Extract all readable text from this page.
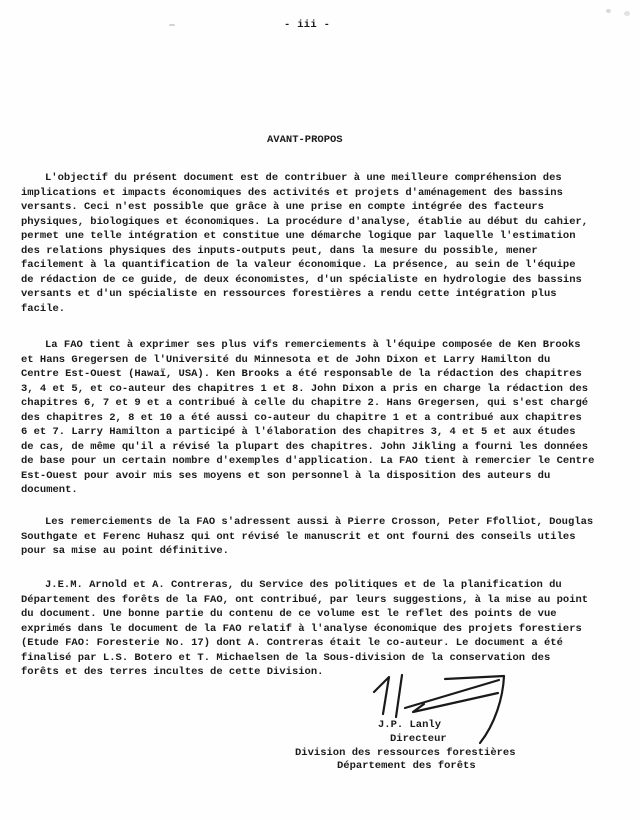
- iii -
AVANT-PROPOS
L'objectif du présent document est de contribuer à une meilleure compréhension des
implications et impacts économiques des activités et projets d'aménagement des bassins
versants. Ceci n'est possible que grâce à une prise en compte intégrée des facteurs
physiques, biologiques et économiques. La procédure d'analyse, établie au début du cahier,
permet une telle intégration et constitue une démarche logique par laquelle l'estimation
des relations physiques des inputs-outputs peut, dans la mesure du possible, mener
facilement à la quantification de la valeur économique. La présence, au sein de l'équipe
de rédaction de ce guide, de deux économistes, d'un spécialiste en hydrologie des bassins
versants et d'un spécialiste en ressources forestières a rendu cette intégration plus
facile.
La FAO tient à exprimer ses plus vifs remerciements à l'équipe composée de Ken Brooks
et Hans Gregersen de l'Université du Minnesota et de John Dixon et Larry Hamilton du
Centre Est-Ouest (Hawaï, USA). Ken Brooks a été responsable de la rédaction des chapitres
3, 4 et 5, et co-auteur des chapitres 1 et 8. John Dixon a pris en charge la rédaction des
chapitres 6, 7 et 9 et a contribué à celle du chapitre 2. Hans Gregersen, qui s'est chargé
des chapitres 2, 8 et 10 a été aussi co-auteur du chapitre 1 et a contribué aux chapitres
6 et 7. Larry Hamilton a participé à l'élaboration des chapitres 3, 4 et 5 et aux études
de cas, de même qu'il a révisé la plupart des chapitres. John Jikling a fourni les données
de base pour un certain nombre d'exemples d'application. La FAO tient à remercier le Centre
Est-Ouest pour avoir mis ses moyens et son personnel à la disposition des auteurs du
document.
Les remerciements de la FAO s'adressent aussi à Pierre Crosson, Peter Ffolliot, Douglas
Southgate et Ferenc Huhasz qui ont révisé le manuscrit et ont fourni des conseils utiles
pour sa mise au point définitive.
J.E.M. Arnold et A. Contreras, du Service des politiques et de la planification du
Département des forêts de la FAO, ont contribué, par leurs suggestions, à la mise au point
du document. Une bonne partie du contenu de ce volume est le reflet des points de vue
exprimés dans le document de la FAO relatif à l'analyse économique des projets forestiers
(Etude FAO: Foresterie No. 17) dont A. Contreras était le co-auteur. Le document a été
finalisé par L.S. Botero et T. Michaelsen de la Sous-division de la conservation des
forêts et des terres incultes de cette Division.
J.P. Lanly
Directeur
Division des ressources forestières
Département des forêts
